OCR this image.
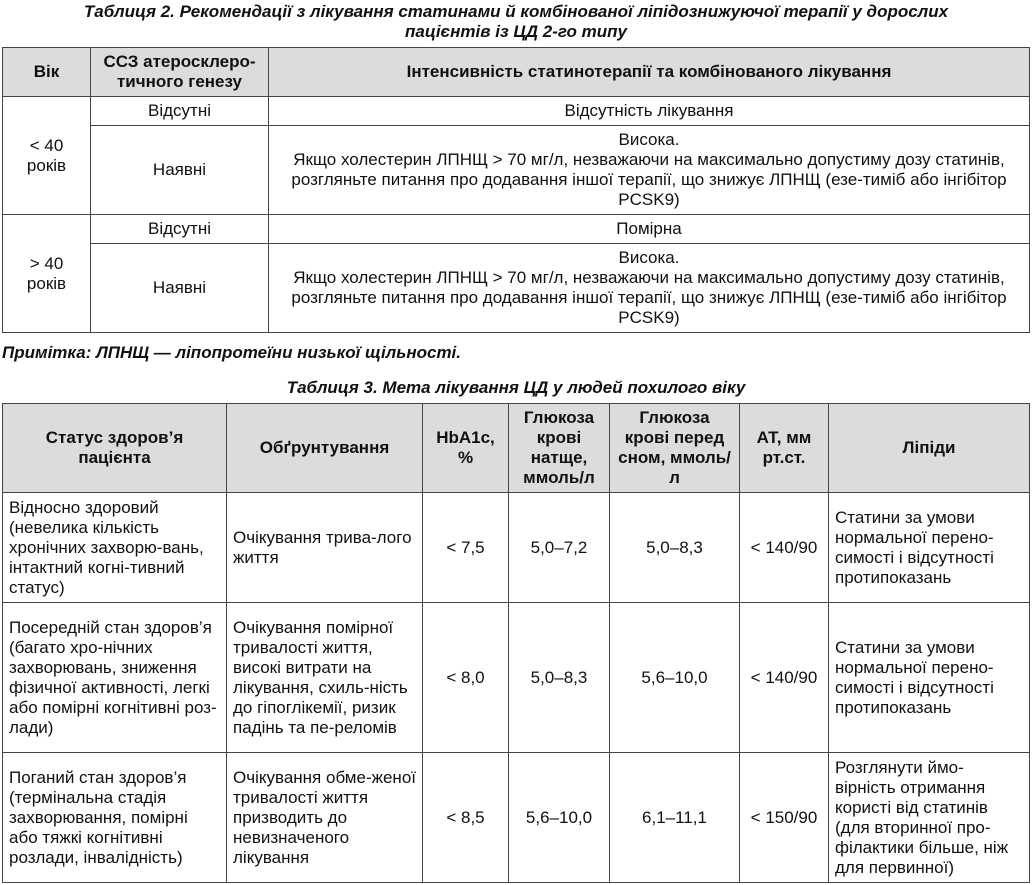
Таблиця 2. Рекомендації з лікування статинами й комбінованої ліпідознижуючої терапії у дорослих
пацієнтів із ЦД 2-го типу
Вік	ССЗ атеросклеро-тичного генезу	Інтенсивність статинотерапії та комбінованого лікування
< 40 років	Відсутні	Відсутність лікування

	Наявні	Висока.
Якщо холестерин ЛПНЩ > 70 мг/л, незважаючи на максимально допустиму дозу статинів, розгляньте питання про додавання іншої терапії, що знижує ЛПНЩ (езе-тиміб або інгібітор PCSK9)

> 40 років	Відсутні	Помірна

	Наявні	Висока.
Якщо холестерин ЛПНЩ > 70 мг/л, незважаючи на максимально допустиму дозу статинів, розгляньте питання про додавання іншої терапії, що знижує ЛПНЩ (езе-тиміб або інгібітор PCSK9)
Примітка: ЛПНЩ — ліпопротеїни низької щільності.
Таблиця 3. Мета лікування ЦД у людей похилого віку
Статус здоров’я пацієнта	Обґрунтування	HbA1c, %	Глюкоза крові натще, ммоль/л	Глюкоза крові перед сном, ммоль/л	АТ, мм рт.ст.	Ліпіди
Відносно здоровий (невелика кількість хронічних захворю-вань, інтактний когні-тивний статус)	Очікування трива-лого життя	< 7,5	5,0–7,2	5,0–8,3	< 140/90	Статини за умови нормальної перено-симості і відсутності протипоказань
Посередній стан здоров’я (багато хро-нічних захворювань, зниження фізичної активності, легкі або помірні когнітивні роз-лади)	Очікування помірної тривалості життя, високі витрати на лікування, схиль-ність до гіпоглікемії, ризик падінь та пе-реломів	< 8,0	5,0–8,3	5,6–10,0	< 140/90	Статини за умови нормальної перено-симості і відсутності протипоказань
Поганий стан здоров’я (термінальна стадія захворювання, помірні або тяжкі когнітивні розлади, інвалідність)	Очікування обме-женої тривалості життя призводить до невизначеного лікування	< 8,5	5,6–10,0	6,1–11,1	< 150/90	Розглянути ймо-вірність отримання користі від статинів (для вторинної про-філактики більше, ніж для первинної)
